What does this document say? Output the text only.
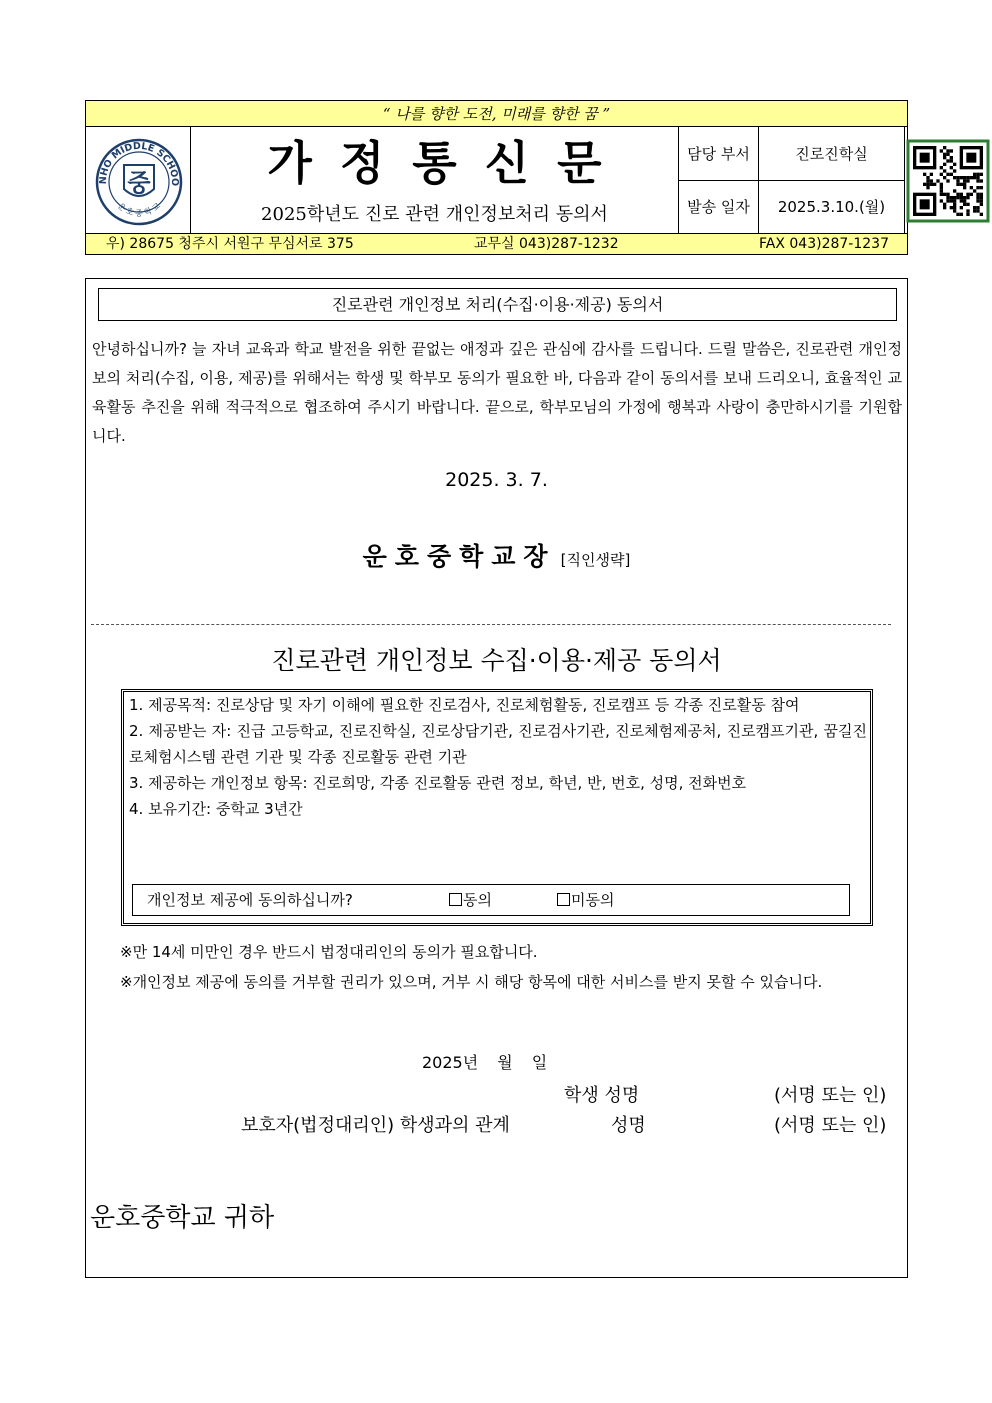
“ 나를 향한 도전, 미래를 향한 꿈 ”
NHO MIDDLE SCHOO
운 호 중 학 교
중	가정통신문
2025학년도 진로 관련 개인정보처리 동의서
담당 부서	진로진학실
발송 일자	2025.3.10.(월)
우) 28675 청주시 서원구 무심서로 375	교무실 043)287-1232	FAX 043)287-1237
진로관련 개인정보 처리(수집·이용·제공) 동의서
안녕하십니까? 늘 자녀 교육과 학교 발전을 위한 끝없는 애정과 깊은 관심에 감사를 드립니다. 드릴 말씀은, 진로관련 개인정보의 처리(수집, 이용, 제공)를 위해서는 학생 및 학부모 동의가 필요한 바, 다음과 같이 동의서를 보내 드리오니, 효율적인 교육활동 추진을 위해 적극적으로 협조하여 주시기 바랍니다. 끝으로, 학부모님의 가정에 행복과 사랑이 충만하시기를 기원합니다.
2025. 3. 7.
운호중학교장 [직인생략]
진로관련 개인정보 수집·이용·제공 동의서
1. 제공목적: 진로상담 및 자기 이해에 필요한 진로검사, 진로체험활동, 진로캠프 등 각종 진로활동 참여
2. 제공받는 자: 진급 고등학교, 진로진학실, 진로상담기관, 진로검사기관, 진로체험제공처, 진로캠프기관, 꿈길진로체험시스템 관련 기관 및 각종 진로활동 관련 기관
3. 제공하는 개인정보 항목: 진로희망, 각종 진로활동 관련 정보, 학년, 반, 번호, 성명, 전화번호
4. 보유기간: 중학교 3년간
개인정보 제공에 동의하십니까?	동의	미동의
※만 14세 미만인 경우 반드시 법정대리인의 동의가 필요합니다.
※개인정보 제공에 동의를 거부할 권리가 있으며, 거부 시 해당 항목에 대한 서비스를 받지 못할 수 있습니다.
2025년 월 일
학생 성명	(서명 또는 인)
보호자(법정대리인) 학생과의 관계	성명	(서명 또는 인)
운호중학교 귀하
